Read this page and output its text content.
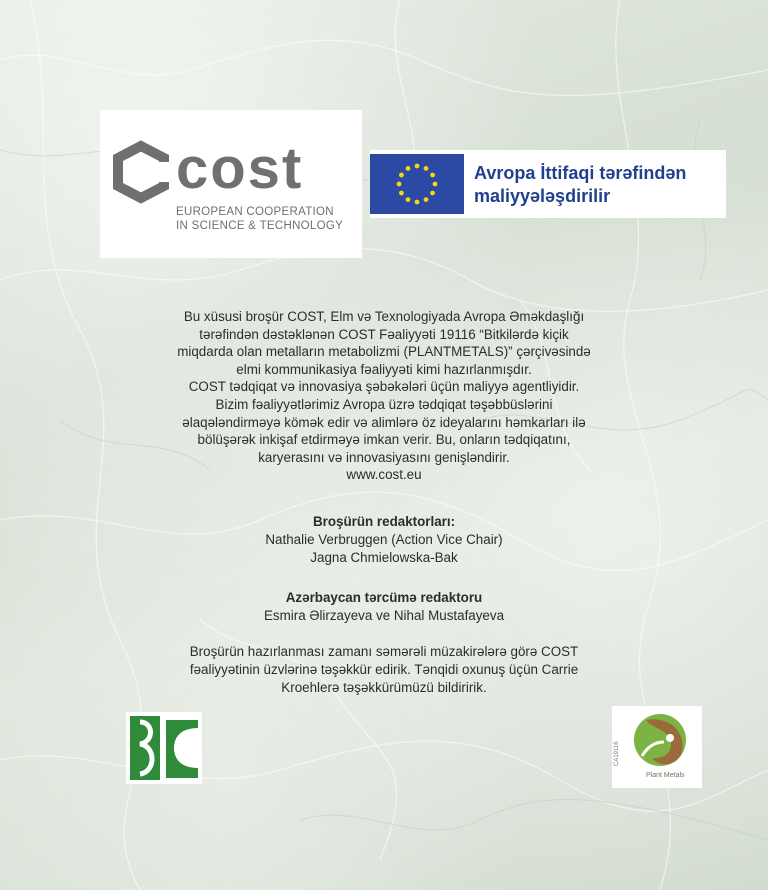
cost
EUROPEAN COOPERATION
IN SCIENCE & TECHNOLOGY
Avropa İttifaqi tərəfindən
maliyyələşdirilir

Bu xüsusi broşür COST, Elm və Texnologiyada Avropa Əməkdaşlığı

tərəfindən dəstəklənən COST Fəaliyyəti 19116 “Bitkilərdə kiçik

miqdarda olan metalların metabolizmi (PLANTMETALS)” çərçivəsində

elmi kommunikasiya fəaliyyəti kimi hazırlanmışdır.

COST tədqiqat və innovasiya şəbəkələri üçün maliyyə agentliyidir.

Bizim fəaliyyətlərimiz Avropa üzrə tədqiqat təşəbbüslərini

əlaqələndirməyə kömək edir və alimlərə öz ideyalarını həmkarları ilə

bölüşərək inkişaf etdirməyə imkan verir. Bu, onların tədqiqatını,

karyerasını və innovasiyasını genişləndirir.

www.cost.eu

Broşürün redaktorları:
Nathalie Verbruggen (Action Vice Chair)
Jagna Chmielowska-Bak
Azərbaycan tərcümə redaktoru
Esmira Əlirzayeva ve Nihal Mustafayeva
Broşürün hazırlanması zamanı səmərəli müzakirələrə görə COST
fəaliyyətinin üzvlərinə təşəkkür edirik. Tənqidi oxunuş üçün Carrie
Kroehlerə təşəkkürümüzü bildiririk.
CA19116
Plant Metals
